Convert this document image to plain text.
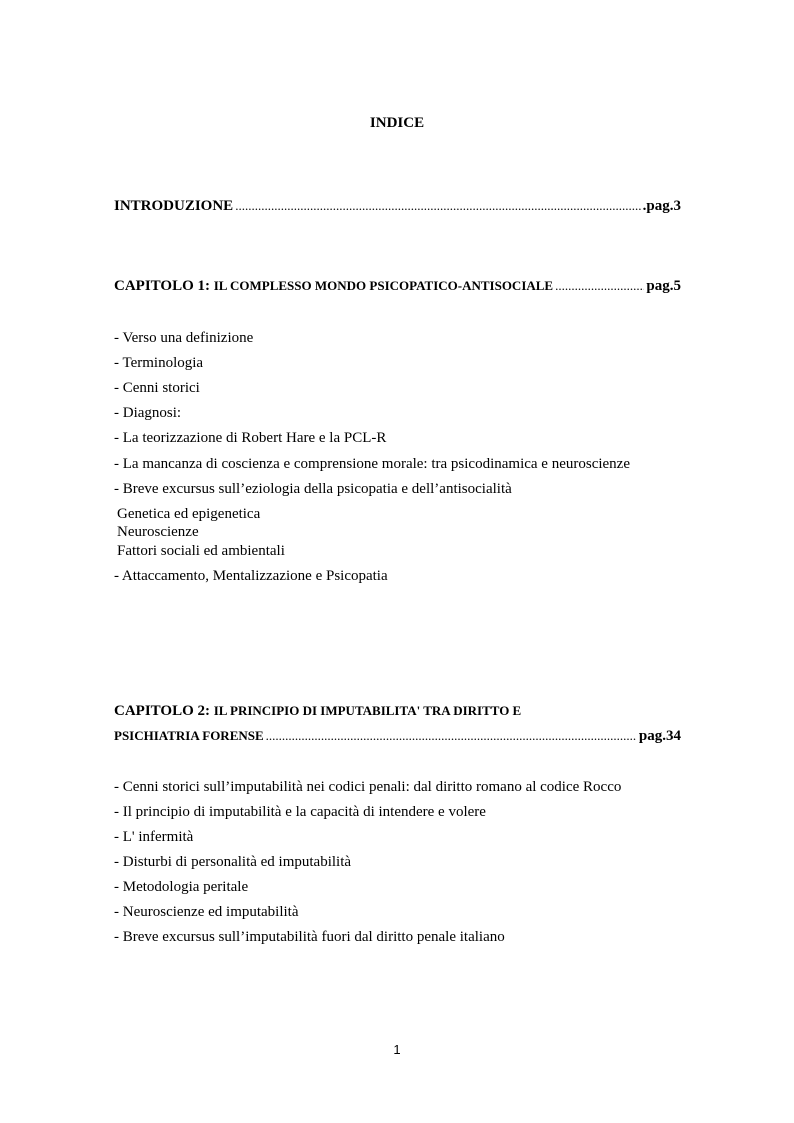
INDICE
INTRODUZIONE .....	.pag.3
CAPITOLO 1: IL COMPLESSO MONDO PSICOPATICO-ANTISOCIALE .....	pag.5
- Verso una definizione
- Terminologia
- Cenni storici
- Diagnosi:
- La teorizzazione di Robert Hare e la PCL-R
- La mancanza di coscienza e comprensione morale: tra psicodinamica e neuroscienze
- Breve excursus sull’eziologia della psicopatia e dell’antisocialità
Genetica ed epigenetica
Neuroscienze
Fattori sociali ed ambientali
- Attaccamento, Mentalizzazione e Psicopatia
CAPITOLO 2: IL PRINCIPIO DI IMPUTABILITA' TRA DIRITTO E
PSICHIATRIA FORENSE .....	pag.34
- Cenni storici sull’imputabilità nei codici penali: dal diritto romano al codice Rocco
- Il principio di imputabilità e la capacità di intendere e volere
- L' infermità
- Disturbi di personalità ed imputabilità
- Metodologia peritale
- Neuroscienze ed imputabilità
- Breve excursus sull’imputabilità fuori dal diritto penale italiano
1
